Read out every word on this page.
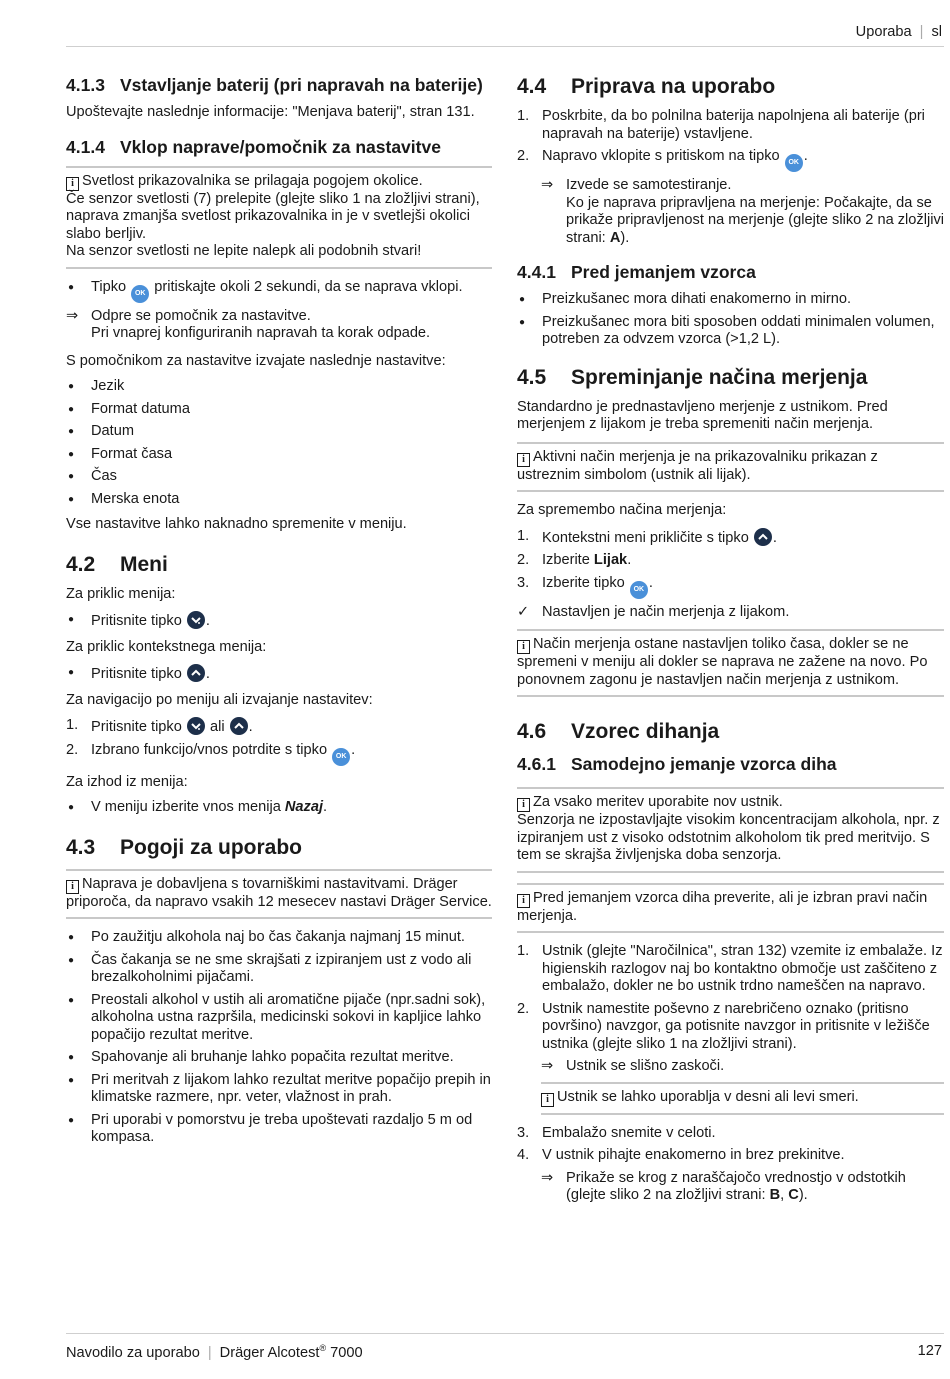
Uporaba | sl
4.1.3 Vstavljanje baterij (pri napravah na baterije)

Upoštevajte naslednje informacije: "Menjava baterij", stran 131.

4.1.4 Vklop naprave/pomočnik za nastavitve
i Svetlost prikazovalnika se prilagaja pogojem okolice.
Če senzor svetlosti (7) prelepite (glejte sliko 1 na zložljivi strani), naprava zmanjša svetlost prikazovalnika in je v svetlejši okolici slabo berljiv.
Na senzor svetlosti ne lepite nalepk ali podobnih stvari!
● Tipko OK pritiskajte okoli 2 sekundi, da se naprava vklopi.
⇒ Odpre se pomočnik za nastavitve.
Pri vnaprej konfiguriranih napravah ta korak odpade.

S pomočnikom za nastavitve izvajate naslednje nastavitve:

● Jezik
● Format datuma
● Datum
● Format časa
● Čas
● Merska enota

Vse nastavitve lahko naknadno spremenite v meniju.

4.2	Meni

Za priklic menija:

● Pritisnite tipko .

Za priklic kontekstnega menija:

● Pritisnite tipko .

Za navigacijo po meniju ali izvajanje nastavitev:

1. Pritisnite tipko ali .
2. Izbrano funkcijo/vnos potrdite s tipko OK .

Za izhod iz menija:

● V meniju izberite vnos menija Nazaj.
4.3	Pogoji za uporabo
i Naprava je dobavljena s tovarniškimi nastavitvami. Dräger priporoča, da napravo vsakih 12 mesecev nastavi Dräger Service.
● Po zaužitju alkohola naj bo čas čakanja najmanj 15 minut.
● Čas čakanja se ne sme skrajšati z izpiranjem ust z vodo ali brezalkoholnimi pijačami.
● Preostali alkohol v ustih ali aromatične pijače (npr.sadni sok), alkoholna ustna razpršila, medicinski sokovi in kapljice lahko popačijo rezultat meritve.
● Spahovanje ali bruhanje lahko popačita rezultat meritve.
● Pri meritvah z lijakom lahko rezultat meritve popačijo prepih in klimatske razmere, npr. veter, vlažnost in prah.
● Pri uporabi v pomorstvu je treba upoštevati razdaljo 5 m od kompasa.
4.4	Priprava na uporabo
1. Poskrbite, da bo polnilna baterija napolnjena ali baterije (pri napravah na baterije) vstavljene.
2. Napravo vklopite s pritiskom na tipko OK .
⇒ Izvede se samotestiranje.
Ko je naprava pripravljena na merjenje: Počakajte, da se prikaže pripravljenost na merjenje (glejte sliko 2 na zložljivi strani: A).
4.4.1 Pred jemanjem vzorca
● Preizkušanec mora dihati enakomerno in mirno.
● Preizkušanec mora biti sposoben oddati minimalen volumen, potreben za odvzem vzorca (>1,2 L).
4.5	Spreminjanje načina merjenja

Standardno je prednastavljeno merjenje z ustnikom. Pred merjenjem z lijakom je treba spremeniti način merjenja.

i Aktivni način merjenja je na prikazovalniku prikazan z ustreznim simbolom (ustnik ali lijak).

Za spremembo načina merjenja:

1. Kontekstni meni prikličite s tipko .
2. Izberite Lijak.
3. Izberite tipko OK .
✓ Nastavljen je način merjenja z lijakom.
i Način merjenja ostane nastavljen toliko časa, dokler se ne spremeni v meniju ali dokler se naprava ne zažene na novo. Po ponovnem zagonu je nastavljen način merjenja z ustnikom.
4.6	Vzorec dihanja
4.6.1 Samodejno jemanje vzorca diha
i Za vsako meritev uporabite nov ustnik.
Senzorja ne izpostavljajte visokim koncentracijam alkohola, npr. z izpiranjem ust z visoko odstotnim alkoholom tik pred meritvijo. S tem se skrajša življenjska doba senzorja.
i Pred jemanjem vzorca diha preverite, ali je izbran pravi način merjenja.
1. Ustnik (glejte "Naročilnica", stran 132) vzemite iz embalaže. Iz higienskih razlogov naj bo kontaktno območje ust zaščiteno z embalažo, dokler ne bo ustnik trdno nameščen na napravo.
2. Ustnik namestite poševno z narebričeno oznako (pritisno površino) navzgor, ga potisnite navzgor in pritisnite v ležišče ustnika (glejte sliko 1 na zložljivi strani).
⇒ Ustnik se slišno zaskoči.
i Ustnik se lahko uporablja v desni ali levi smeri.
3. Embalažo snemite v celoti.
4. V ustnik pihajte enakomerno in brez prekinitve.
⇒ Prikaže se krog z naraščajočo vrednostjo v odstotkih (glejte sliko 2 na zložljivi strani: B, C).
Navodilo za uporabo | Dräger Alcotest® 7000	127
